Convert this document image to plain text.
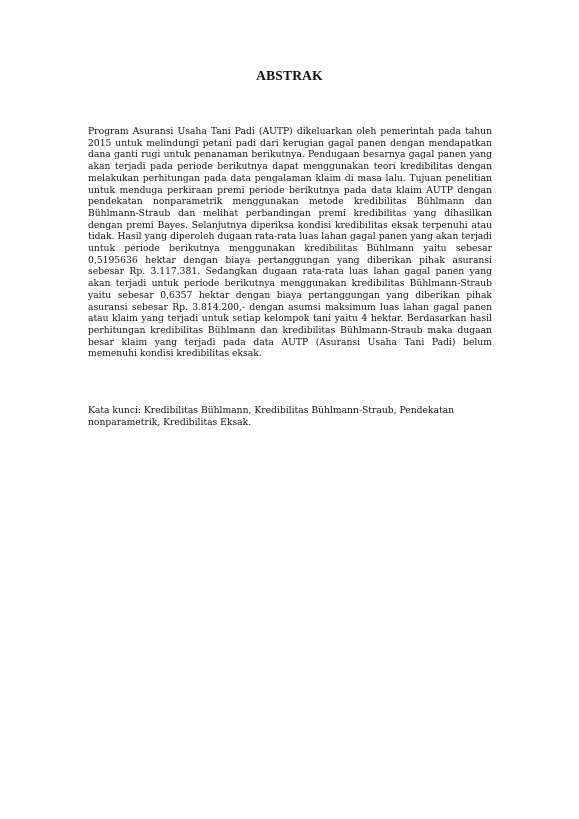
ABSTRAK

Program Asuransi Usaha Tani Padi (AUTP) dikeluarkan oleh pemerintah pada tahun 2015 untuk melindungi petani padi dari kerugian gagal panen dengan mendapatkan dana ganti rugi untuk penanaman berikutnya. Pendugaan besarnya gagal panen yang akan terjadi pada periode berikutnya dapat menggunakan teori kredibilitas dengan melakukan perhitungan pada data pengalaman klaim di masa lalu. Tujuan penelitian untuk menduga perkiraan premi periode berikutnya pada data klaim AUTP dengan pendekatan nonparametrik menggunakan metode kredibilitas Bühlmann dan Bühlmann-Straub dan melihat perbandingan premi kredibilitas yang dihasilkan dengan premi Bayes. Selanjutnya diperiksa kondisi kredibilitas eksak terpenuhi atau tidak. Hasil yang diperoleh dugaan rata-rata luas lahan gagal panen yang akan terjadi untuk periode berikutnya menggunakan kredibilitas Bühlmann yaitu sebesar 0,5195636 hektar dengan biaya pertanggungan yang diberikan pihak asuransi sebesar Rp. 3.117.381. Sedangkan dugaan rata-rata luas lahan gagal panen yang akan terjadi untuk periode berikutnya menggunakan kredibilitas Bühlmann-Straub yaitu sebesar 0,6357 hektar dengan biaya pertanggungan yang diberikan pihak asuransi sebesar Rp. 3.814.200,- dengan asumsi maksimum luas lahan gagal panen atau klaim yang terjadi untuk setiap kelompok tani yaitu 4 hektar. Berdasarkan hasil perhitungan kredibilitas Bühlmann dan kredibilitas Bühlmann-Straub maka dugaan besar klaim yang terjadi pada data AUTP (Asuransi Usaha Tani Padi) belum memenuhi kondisi kredibilitas eksak.

Kata kunci: Kredibilitas Bühlmann, Kredibilitas Bühlmann-Straub, Pendekatan nonparametrik, Kredibilitas Eksak.
